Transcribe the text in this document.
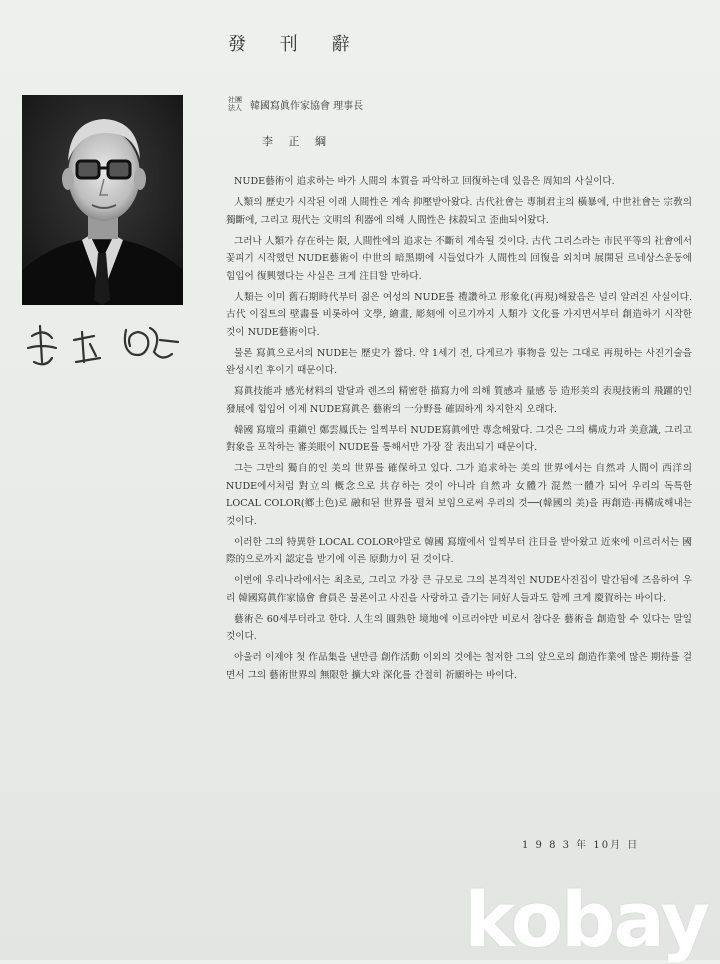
發 刊 辭
社團法人 韓國寫眞作家協會 理事長
李 正 綱

NUDE藝術이 追求하는 바가 人間의 本質을 파악하고 回復하는데 있음은 周知의 사실이다.

人類의 歷史가 시작된 이래 人間性은 계속 抑壓받아왔다. 古代社會는 專制君主의 橫暴에, 中世社會는 宗敎의 獨斷에, 그리고 現代는 文明의 利器에 의해 人間性은 抹殺되고 歪曲되어왔다.

그러나 人類가 存在하는 限, 人間性에의 追求는 不斷히 계속될 것이다. 古代 그리스라는 市民平等의 社會에서 꽃피기 시작했던 NUDE藝術이 中世의 暗黑期에 시들었다가 人間性의 回復을 외치며 展開된 르네상스운동에 힘입어 復興했다는 사실은 크게 注目할 만하다.

人類는 이미 舊石期時代부터 젊은 여성의 NUDE를 禮讚하고 形象化(再現)해왔음은 널리 알려진 사실이다. 古代 이집트의 壁畵를 비롯하여 文學, 繪畫, 彫刻에 이르기까지 人類가 文化를 가지면서부터 創造하기 시작한 것이 NUDE藝術이다.

물론 寫眞으로서의 NUDE는 歷史가 짧다. 약 1세기 전, 다게르가 事物을 있는 그대로 再現하는 사진기술을 완성시킨 후이기 때문이다.

寫眞技能과 感光材料의 발달과 렌즈의 精密한 描寫力에 의해 質感과 量感 등 造形美의 表現技術의 飛躍的인 發展에 힘입어 이제 NUDE寫眞은 藝術의 一分野를 確固하게 차지한지 오래다.

韓國 寫壇의 重鎭인 鄭雲鳳氏는 일찍부터 NUDE寫眞에만 專念해왔다. 그것은 그의 構成力과 美意識, 그리고 對象을 포착하는 審美眼이 NUDE를 통해서만 가장 잘 表出되기 때문이다.

그는 그만의 獨自的인 美의 世界를 確保하고 있다. 그가 追求하는 美의 世界에서는 自然과 人間이 西洋의 NUDE에서처럼 對立의 概念으로 共存하는 것이 아니라 自然과 女體가 混然一體가 되어 우리의 독특한 LOCAL COLOR(鄕土色)로 融和된 世界를 펼쳐 보임으로써 우리의 것──(韓國의 美)을 再創造·再構成해내는 것이다.

이러한 그의 特異한 LOCAL COLOR야말로 韓國 寫壇에서 일찍부터 注目을 받아왔고 近來에 이르러서는 國際的으로까지 認定을 받기에 이른 原動力이 된 것이다.

이번에 우리나라에서는 최초로, 그리고 가장 큰 규모로 그의 본격적인 NUDE사진집이 발간됨에 즈음하여 우리 韓國寫眞作家協會 會員은 물론이고 사진을 사랑하고 즐기는 同好人들과도 함께 크게 慶賀하는 바이다.

藝術은 60세부터라고 한다. 人生의 圓熟한 境地에 이르러야만 비로서 참다운 藝術을 創造할 수 있다는 말일 것이다.

아울러 이제야 첫 作品集을 낸만큼 創作活動 이외의 것에는 철저한 그의 앞으로의 創造作業에 많은 期待를 걸면서 그의 藝術世界의 無限한 擴大와 深化를 간절히 祈願하는 바이다.

1 9 8 3 年 10月 日
kobay
